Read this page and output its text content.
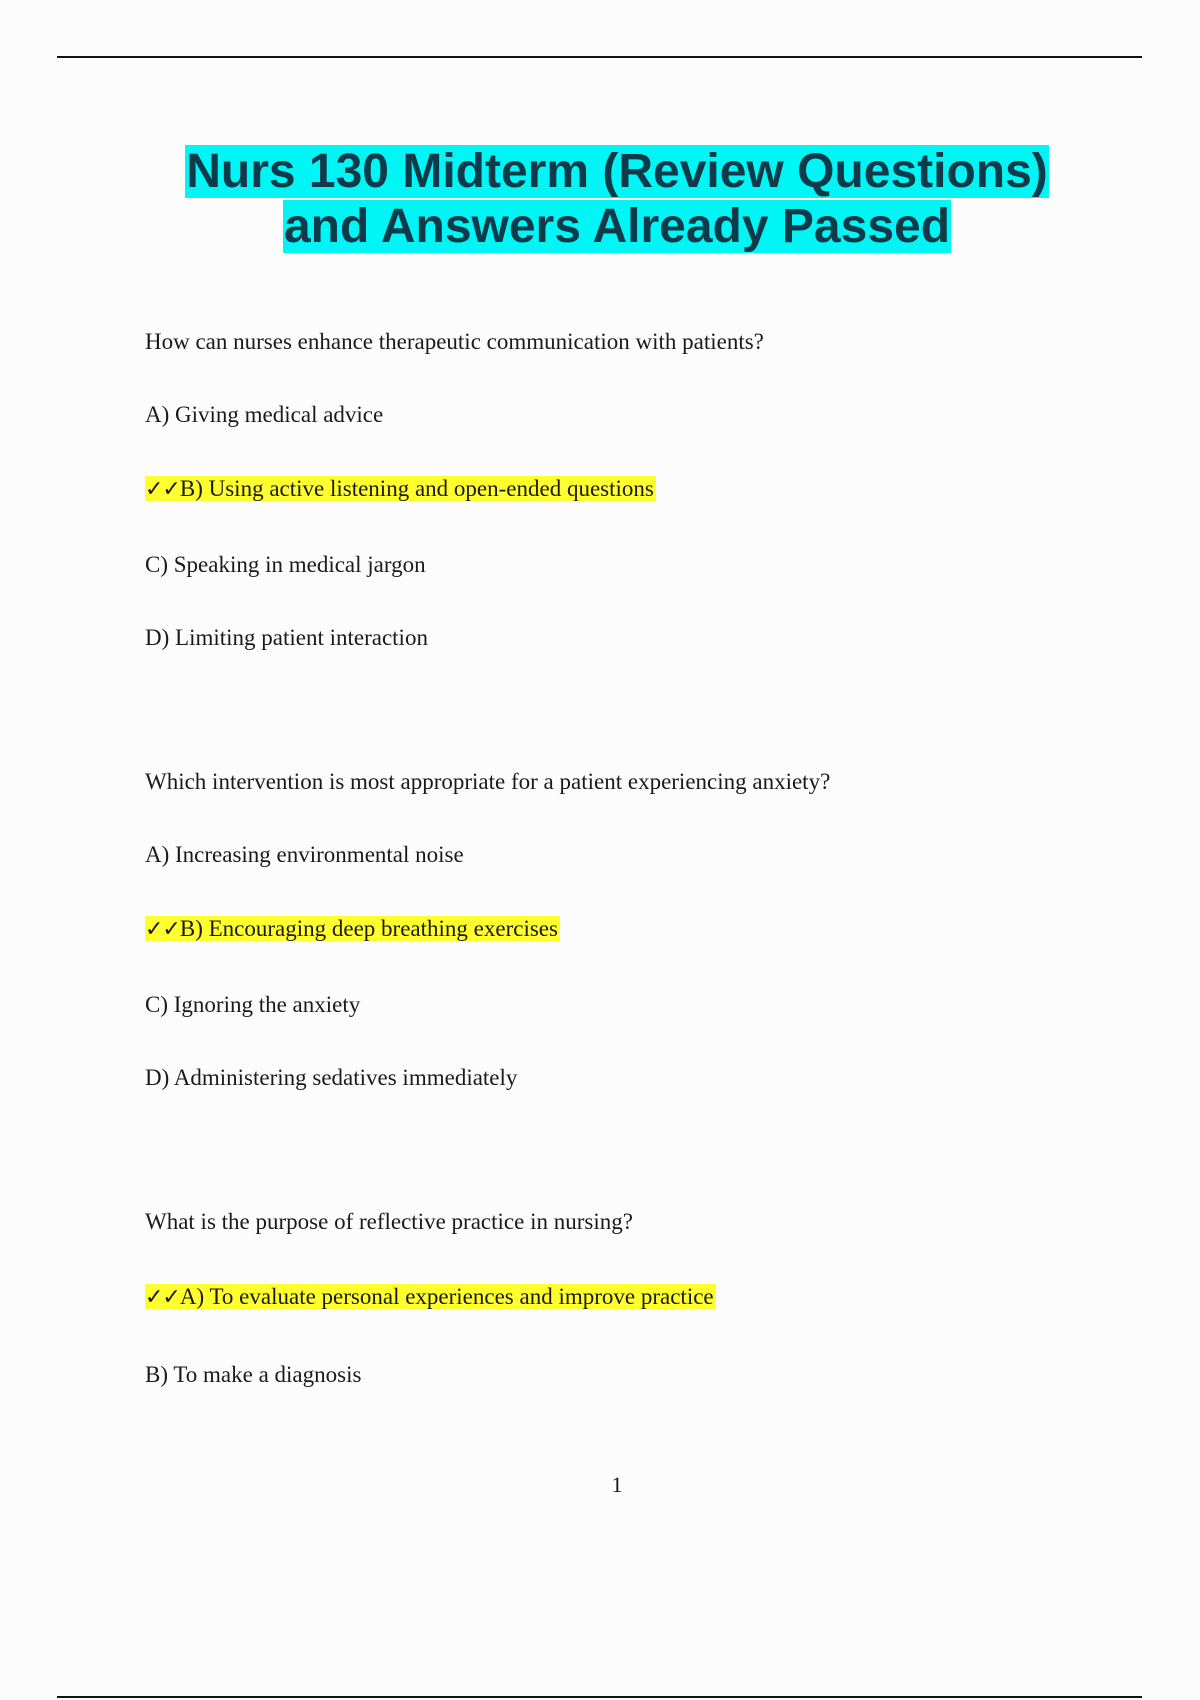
Nurs 130 Midterm (Review Questions)
and Answers Already Passed
How can nurses enhance therapeutic communication with patients?
A) Giving medical advice
✓✓B) Using active listening and open-ended questions
C) Speaking in medical jargon
D) Limiting patient interaction
Which intervention is most appropriate for a patient experiencing anxiety?
A) Increasing environmental noise
✓✓B) Encouraging deep breathing exercises
C) Ignoring the anxiety
D) Administering sedatives immediately
What is the purpose of reflective practice in nursing?
✓✓A) To evaluate personal experiences and improve practice
B) To make a diagnosis
1
